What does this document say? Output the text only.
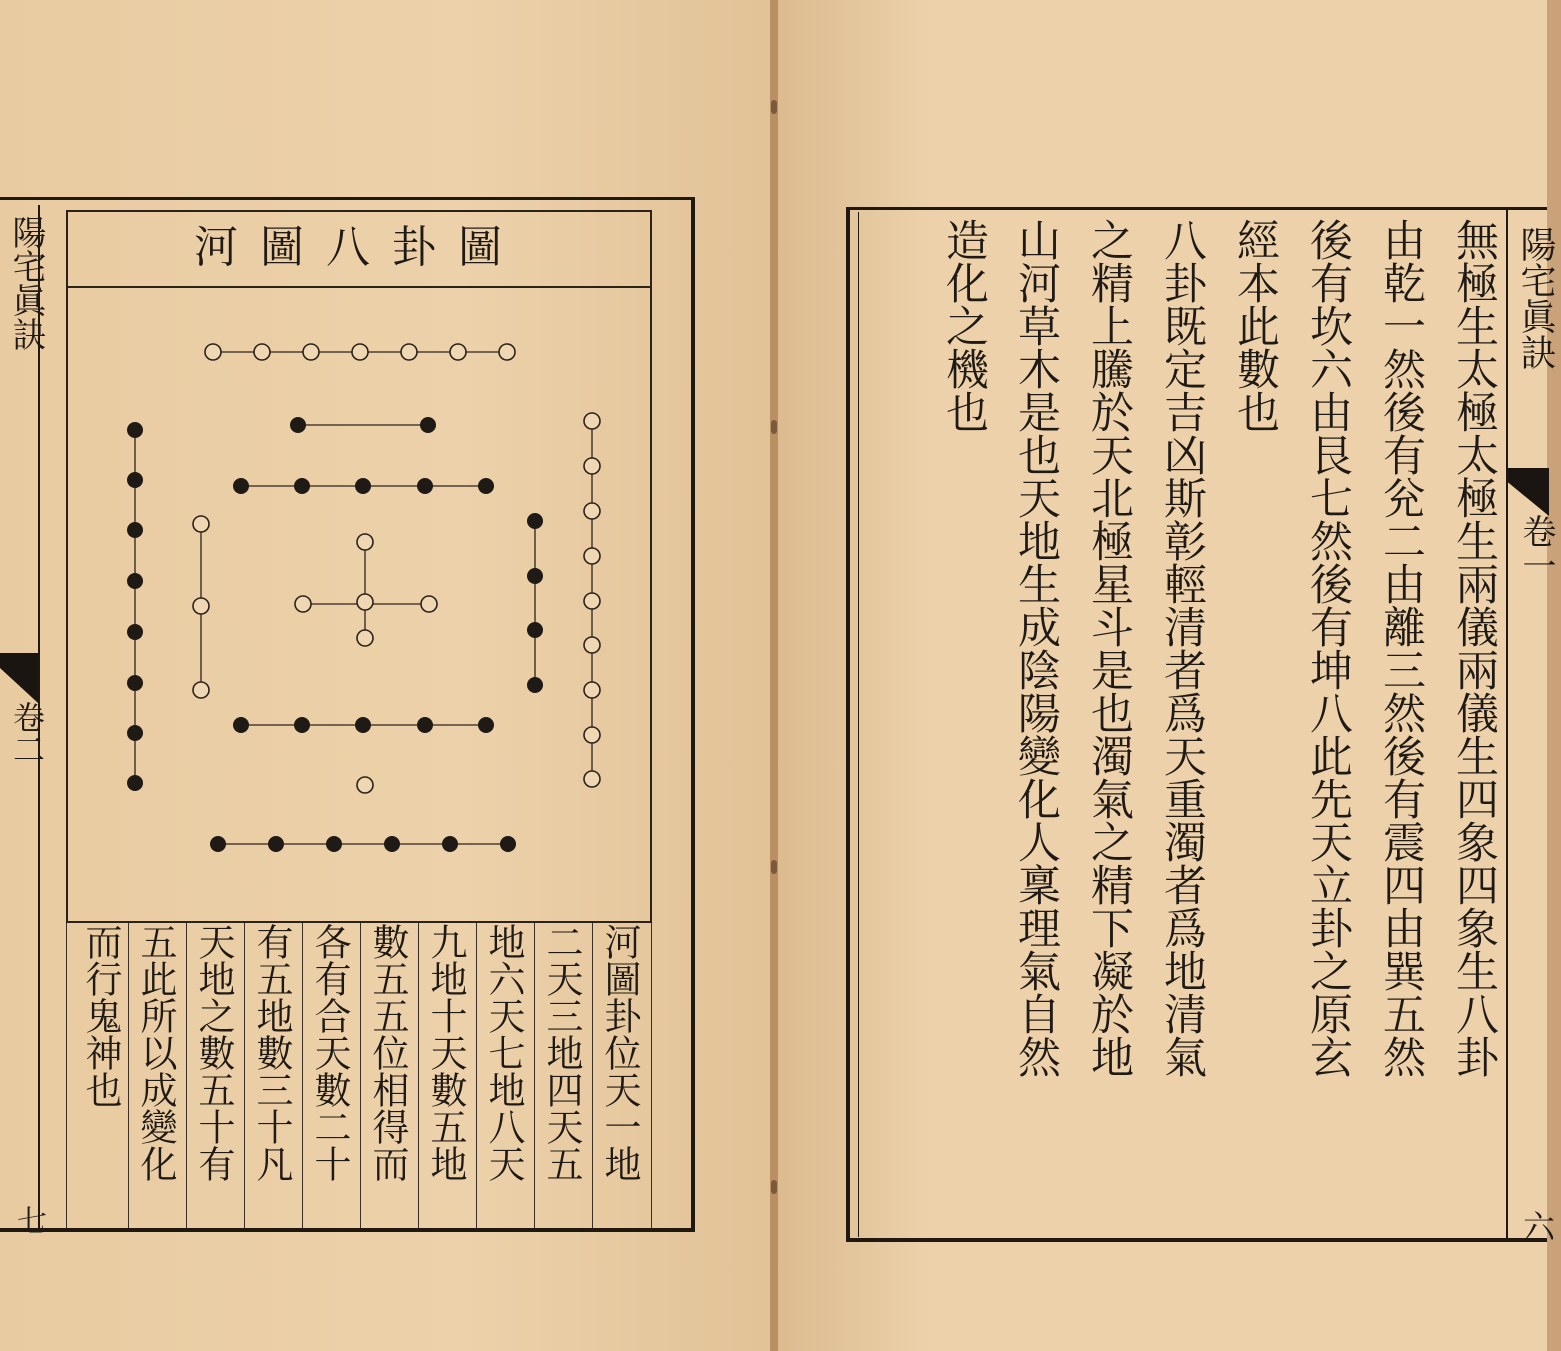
陽宅眞訣

卷二

七

河圖八卦圖

河圖卦位天一地

二天三地四天五

地六天七地八天

九地十天數五地

數五五位相得而

各有合天數二十

有五地數三十凡

天地之數五十有

五此所以成變化

而行鬼神也	無極生太極太極生兩儀兩儀生四象四象生八卦

由乾一然後有兊二由離三然後有震四由巽五然

後有坎六由艮七然後有坤八此先天立卦之原玄

經本此數也

八卦既定吉凶斯彰輕清者爲天重濁者爲地清氣

之精上騰於天北極星斗是也濁氣之精下凝於地

山河草木是也天地生成陰陽變化人稟理氣自然

造化之機也	陽宅眞訣

卷一

六
